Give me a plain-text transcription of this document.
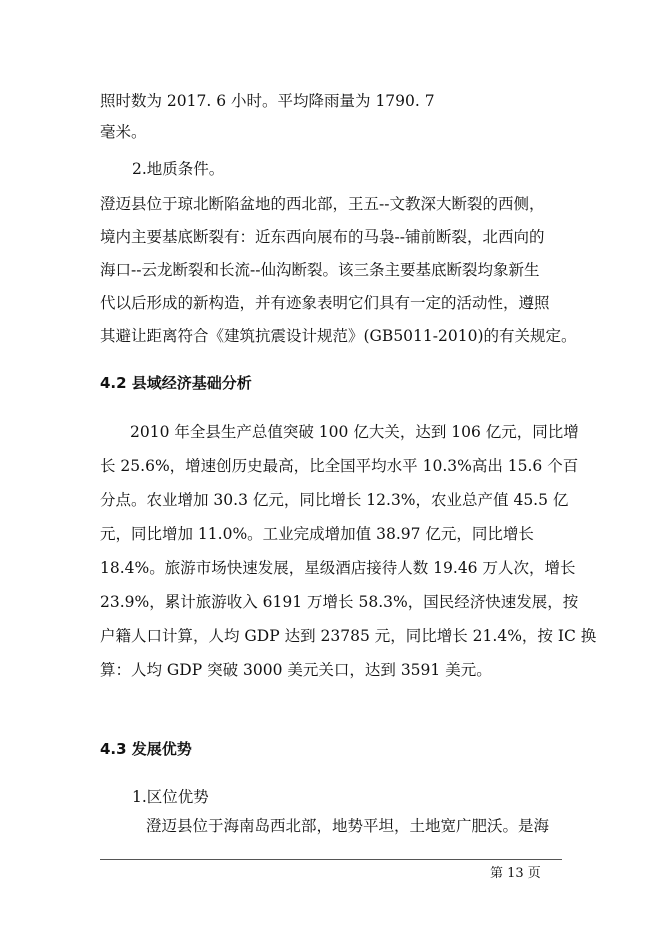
照时数为 2017. 6 小时。平均降雨量为 1790. 7
毫米。
2.地质条件。
澄迈县位于琼北断陷盆地的西北部，王五--文教深大断裂的西侧，
境内主要基底断裂有：近东西向展布的马袅--铺前断裂，北西向的
海口--云龙断裂和长流--仙沟断裂。该三条主要基底断裂均象新生
代以后形成的新构造，并有迹象表明它们具有一定的活动性，遵照
其避让距离符合《建筑抗震设计规范》(GB5011-2010)的有关规定。
4.2 县域经济基础分析
2010 年全县生产总值突破 100 亿大关，达到 106 亿元，同比增
长 25.6%，增速创历史最高，比全国平均水平 10.3%高出 15.6 个百
分点。农业增加 30.3 亿元，同比增长 12.3%，农业总产值 45.5 亿
元，同比增加 11.0%。工业完成增加值 38.97 亿元，同比增长
18.4%。旅游市场快速发展，星级酒店接待人数 19.46 万人次，增长
23.9%，累计旅游收入 6191 万增长 58.3%，国民经济快速发展，按
户籍人口计算，人均 GDP 达到 23785 元，同比增长 21.4%，按 IC 换
算：人均 GDP 突破 3000 美元关口，达到 3591 美元。
4.3 发展优势
1.区位优势
澄迈县位于海南岛西北部，地势平坦，土地宽广肥沃。是海
第 13 页
